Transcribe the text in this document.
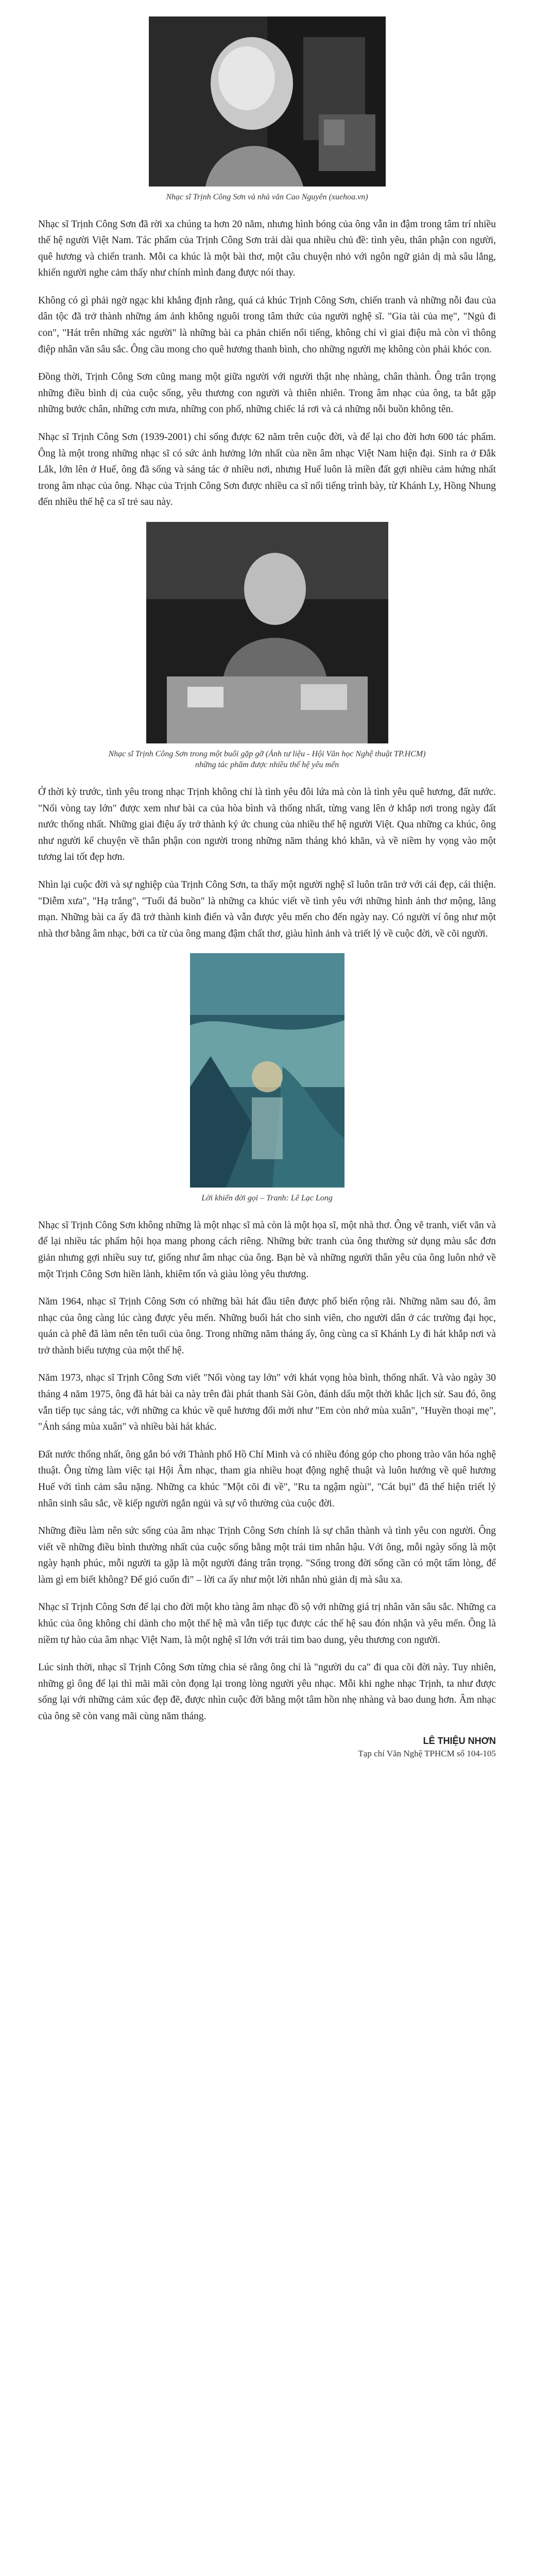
Nhạc sĩ Trịnh Công Sơn và nhà văn Cao Nguyên (xuehoa.vn)

Nhạc sĩ Trịnh Công Sơn đã rời xa chúng ta hơn 20 năm, nhưng hình bóng của ông vẫn in đậm trong tâm trí nhiều thế hệ người Việt Nam. Tác phẩm của Trịnh Công Sơn trải dài qua nhiều chủ đề: tình yêu, thân phận con người, quê hương và chiến tranh. Mỗi ca khúc là một bài thơ, một câu chuyện nhỏ với ngôn ngữ giản dị mà sâu lắng, khiến người nghe cảm thấy như chính mình đang được nói thay.

Không có gì phải ngờ ngạc khi khẳng định rằng, quá cả khúc Trịnh Công Sơn, chiến tranh và những nỗi đau của dân tộc đã trở thành những ám ảnh không nguôi trong tâm thức của người nghệ sĩ. "Gia tài của mẹ", "Ngủ đi con", "Hát trên những xác người" là những bài ca phản chiến nổi tiếng, không chỉ vì giai điệu mà còn vì thông điệp nhân văn sâu sắc. Ông cầu mong cho quê hương thanh bình, cho những người mẹ không còn phải khóc con.

Đồng thời, Trịnh Công Sơn cũng mang một giữa người với người thật nhẹ nhàng, chân thành. Ông trân trọng những điều bình dị của cuộc sống, yêu thương con người và thiên nhiên. Trong âm nhạc của ông, ta bắt gặp những bước chân, những cơn mưa, những con phố, những chiếc lá rơi và cả những nỗi buồn không tên.

Nhạc sĩ Trịnh Công Sơn (1939-2001) chỉ sống được 62 năm trên cuộc đời, và để lại cho đời hơn 600 tác phẩm. Ông là một trong những nhạc sĩ có sức ảnh hưởng lớn nhất của nền âm nhạc Việt Nam hiện đại. Sinh ra ở Đắk Lắk, lớn lên ở Huế, ông đã sống và sáng tác ở nhiều nơi, nhưng Huế luôn là miền đất gợi nhiều cảm hứng nhất trong âm nhạc của ông. Nhạc của Trịnh Công Sơn được nhiều ca sĩ nổi tiếng trình bày, từ Khánh Ly, Hồng Nhung đến nhiều thế hệ ca sĩ trẻ sau này.

Nhạc sĩ Trịnh Công Sơn trong một buổi gặp gỡ (Ảnh tư liệu - Hội Văn học Nghệ thuật TP.HCM)
những tác phẩm được nhiều thế hệ yêu mến

Ở thời kỳ trước, tình yêu trong nhạc Trịnh không chỉ là tình yêu đôi lứa mà còn là tình yêu quê hương, đất nước. "Nối vòng tay lớn" được xem như bài ca của hòa bình và thống nhất, từng vang lên ở khắp nơi trong ngày đất nước thống nhất. Những giai điệu ấy trở thành ký ức chung của nhiều thế hệ người Việt. Qua những ca khúc, ông như người kể chuyện về thân phận con người trong những năm tháng khó khăn, và về niềm hy vọng vào một tương lai tốt đẹp hơn.

Nhìn lại cuộc đời và sự nghiệp của Trịnh Công Sơn, ta thấy một người nghệ sĩ luôn trăn trở với cái đẹp, cái thiện. "Diễm xưa", "Hạ trắng", "Tuổi đá buồn" là những ca khúc viết về tình yêu với những hình ảnh thơ mộng, lãng mạn. Những bài ca ấy đã trở thành kinh điển và vẫn được yêu mến cho đến ngày nay. Có người ví ông như một nhà thơ bằng âm nhạc, bởi ca từ của ông mang đậm chất thơ, giàu hình ảnh và triết lý về cuộc đời, về cõi người.

Lời khiến đời gọi – Tranh: Lê Lạc Long

Nhạc sĩ Trịnh Công Sơn không những là một nhạc sĩ mà còn là một họa sĩ, một nhà thơ. Ông vẽ tranh, viết văn và để lại nhiều tác phẩm hội họa mang phong cách riêng. Những bức tranh của ông thường sử dụng màu sắc đơn giản nhưng gợi nhiều suy tư, giống như âm nhạc của ông. Bạn bè và những người thân yêu của ông luôn nhớ về một Trịnh Công Sơn hiền lành, khiêm tốn và giàu lòng yêu thương.

Năm 1964, nhạc sĩ Trịnh Công Sơn có những bài hát đầu tiên được phổ biến rộng rãi. Những năm sau đó, âm nhạc của ông càng lúc càng được yêu mến. Những buổi hát cho sinh viên, cho người dân ở các trường đại học, quán cà phê đã làm nên tên tuổi của ông. Trong những năm tháng ấy, ông cùng ca sĩ Khánh Ly đi hát khắp nơi và trở thành biểu tượng của một thế hệ.

Năm 1973, nhạc sĩ Trịnh Công Sơn viết "Nối vòng tay lớn" với khát vọng hòa bình, thống nhất. Và vào ngày 30 tháng 4 năm 1975, ông đã hát bài ca này trên đài phát thanh Sài Gòn, đánh dấu một thời khắc lịch sử. Sau đó, ông vẫn tiếp tục sáng tác, với những ca khúc về quê hương đổi mới như "Em còn nhớ mùa xuân", "Huyền thoại mẹ", "Ánh sáng mùa xuân" và nhiều bài hát khác.

Đất nước thống nhất, ông gắn bó với Thành phố Hồ Chí Minh và có nhiều đóng góp cho phong trào văn hóa nghệ thuật. Ông từng làm việc tại Hội Âm nhạc, tham gia nhiều hoạt động nghệ thuật và luôn hướng về quê hương Huế với tình cảm sâu nặng. Những ca khúc "Một cõi đi về", "Ru ta ngậm ngùi", "Cát bụi" đã thể hiện triết lý nhân sinh sâu sắc, về kiếp người ngắn ngủi và sự vô thường của cuộc đời.

Những điều làm nên sức sống của âm nhạc Trịnh Công Sơn chính là sự chân thành và tình yêu con người. Ông viết về những điều bình thường nhất của cuộc sống bằng một trái tim nhân hậu. Với ông, mỗi ngày sống là một ngày hạnh phúc, mỗi người ta gặp là một người đáng trân trọng. "Sống trong đời sống cần có một tấm lòng, để làm gì em biết không? Để gió cuốn đi" – lời ca ấy như một lời nhắn nhủ giản dị mà sâu xa.

Nhạc sĩ Trịnh Công Sơn để lại cho đời một kho tàng âm nhạc đồ sộ với những giá trị nhân văn sâu sắc. Những ca khúc của ông không chỉ dành cho một thế hệ mà vẫn tiếp tục được các thế hệ sau đón nhận và yêu mến. Ông là niềm tự hào của âm nhạc Việt Nam, là một nghệ sĩ lớn với trái tim bao dung, yêu thương con người.

Lúc sinh thời, nhạc sĩ Trịnh Công Sơn từng chia sẻ rằng ông chỉ là "người du ca" đi qua cõi đời này. Tuy nhiên, những gì ông để lại thì mãi mãi còn đọng lại trong lòng người yêu nhạc. Mỗi khi nghe nhạc Trịnh, ta như được sống lại với những cảm xúc đẹp đẽ, được nhìn cuộc đời bằng một tâm hồn nhẹ nhàng và bao dung hơn. Âm nhạc của ông sẽ còn vang mãi cùng năm tháng.

LÊ THIỆU NHƠN
Tạp chí Văn Nghệ TPHCM số 104-105
